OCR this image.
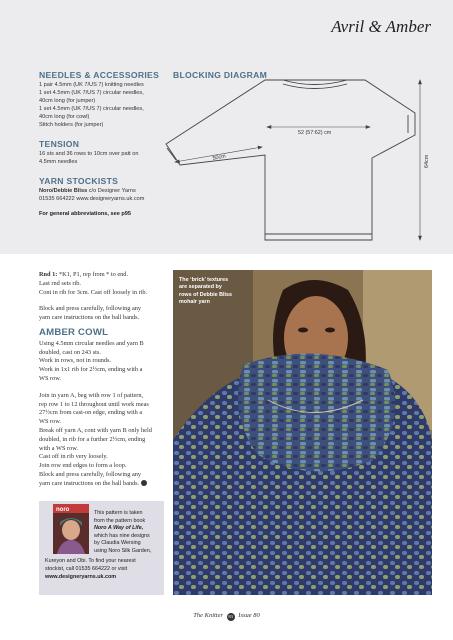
Avril & Amber
NEEDLES & ACCESSORIES
1 pair 4.5mm (UK 7/US 7) knitting needles
1 set 4.5mm (UK 7/US 7) circular needles,
40cm long (for jumper)
1 set 4.5mm (UK 7/US 7) circular needles,
40cm long (for cowl)
Stitch holders (for jumper)
TENSION
16 sts and 36 rows to 10cm over patt on
4.5mm needles
YARN STOCKISTS
Noro/Debbie Bliss c/o Designer Yarns
01535 664222 www.designeryarns.uk.com
For general abbreviations, see p95
BLOCKING DIAGRAM
52 (57:62) cm
50cm	64cm

Rnd 1: *K1, P1, rep from * to end.
Last rnd sets rib.
Cont in rib for 3cm. Cast off loosely in rib.

Block and press carefully, following any
yarn care instructions on the ball bands.

AMBER COWL

Using 4.5mm circular needles and yarn B
doubled, cast on 243 sts.
Work in rows, not in rounds.
Work in 1x1 rib for 2½cm, ending with a
WS row.

Join in yarn A, beg with row 1 of pattern,
rep row 1 to 12 throughout until work meas
27½cm from cast-on edge, ending with a
WS row.
Break off yarn A, cont with yarn B only held
doubled, in rib for a further 2½cm, ending
with a WS row.
Cast off in rib very loosely.
Join row end edges to form a loop.
Block and press carefully, following any
yarn care instructions on the ball bands.

noro	This pattern is taken
from the pattern book
Noro A Way of Life,
which has nine designs
by Claudia Wersing
using Noro Silk Garden,
Kureyon and Obi. To find your nearest
stockist, call 01535 664222 or visit
www.designeryarns.uk.com
The ‘brick’ textures
are separated by
rows of Debbie Bliss
mohair yarn
The Knitter 83 Issue 80
